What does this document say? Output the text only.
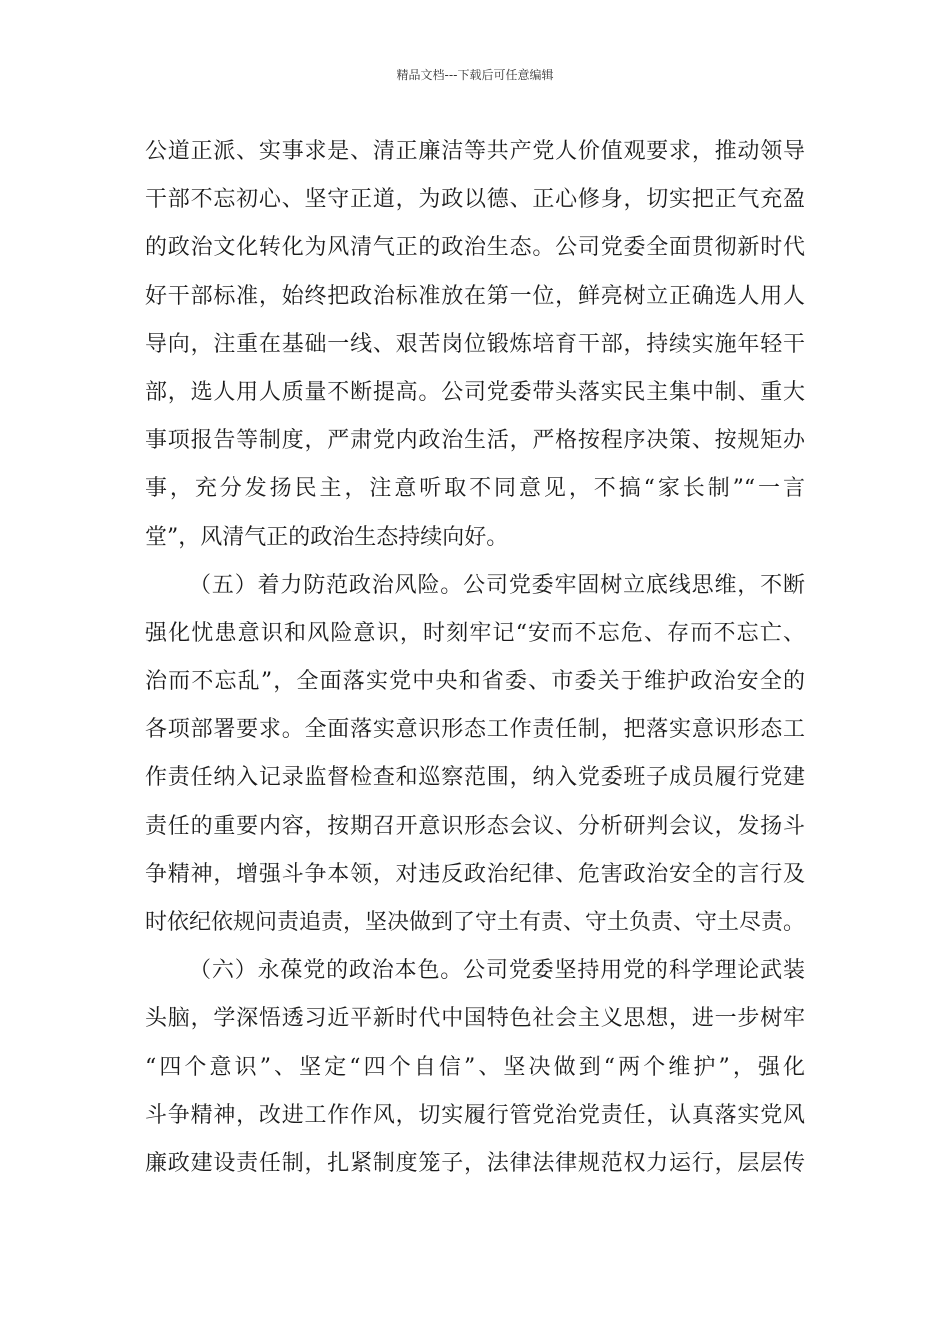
精品文档---下载后可任意编辑
公道正派、实事求是、清正廉洁等共产党人价值观要求，推动领导
干部不忘初心、坚守正道，为政以德、正心修身，切实把正气充盈
的政治文化转化为风清气正的政治生态。公司党委全面贯彻新时代
好干部标准，始终把政治标准放在第一位，鲜亮树立正确选人用人
导向，注重在基础一线、艰苦岗位锻炼培育干部，持续实施年轻干
部，选人用人质量不断提高。公司党委带头落实民主集中制、重大
事项报告等制度，严肃党内政治生活，严格按程序决策、按规矩办
事，充分发扬民主，注意听取不同意见，不搞“家长制”“一言
堂”，风清气正的政治生态持续向好。
（五）着力防范政治风险。公司党委牢固树立底线思维，不断
强化忧患意识和风险意识，时刻牢记“安而不忘危、存而不忘亡、
治而不忘乱”，全面落实党中央和省委、市委关于维护政治安全的
各项部署要求。全面落实意识形态工作责任制，把落实意识形态工
作责任纳入记录监督检查和巡察范围，纳入党委班子成员履行党建
责任的重要内容，按期召开意识形态会议、分析研判会议，发扬斗
争精神，增强斗争本领，对违反政治纪律、危害政治安全的言行及
时依纪依规问责追责，坚决做到了守土有责、守土负责、守土尽责。
（六）永葆党的政治本色。公司党委坚持用党的科学理论武装
头脑，学深悟透习近平新时代中国特色社会主义思想，进一步树牢
“四个意识”、坚定“四个自信”、坚决做到“两个维护”，强化
斗争精神，改进工作作风，切实履行管党治党责任，认真落实党风
廉政建设责任制，扎紧制度笼子，法律法律规范权力运行，层层传
